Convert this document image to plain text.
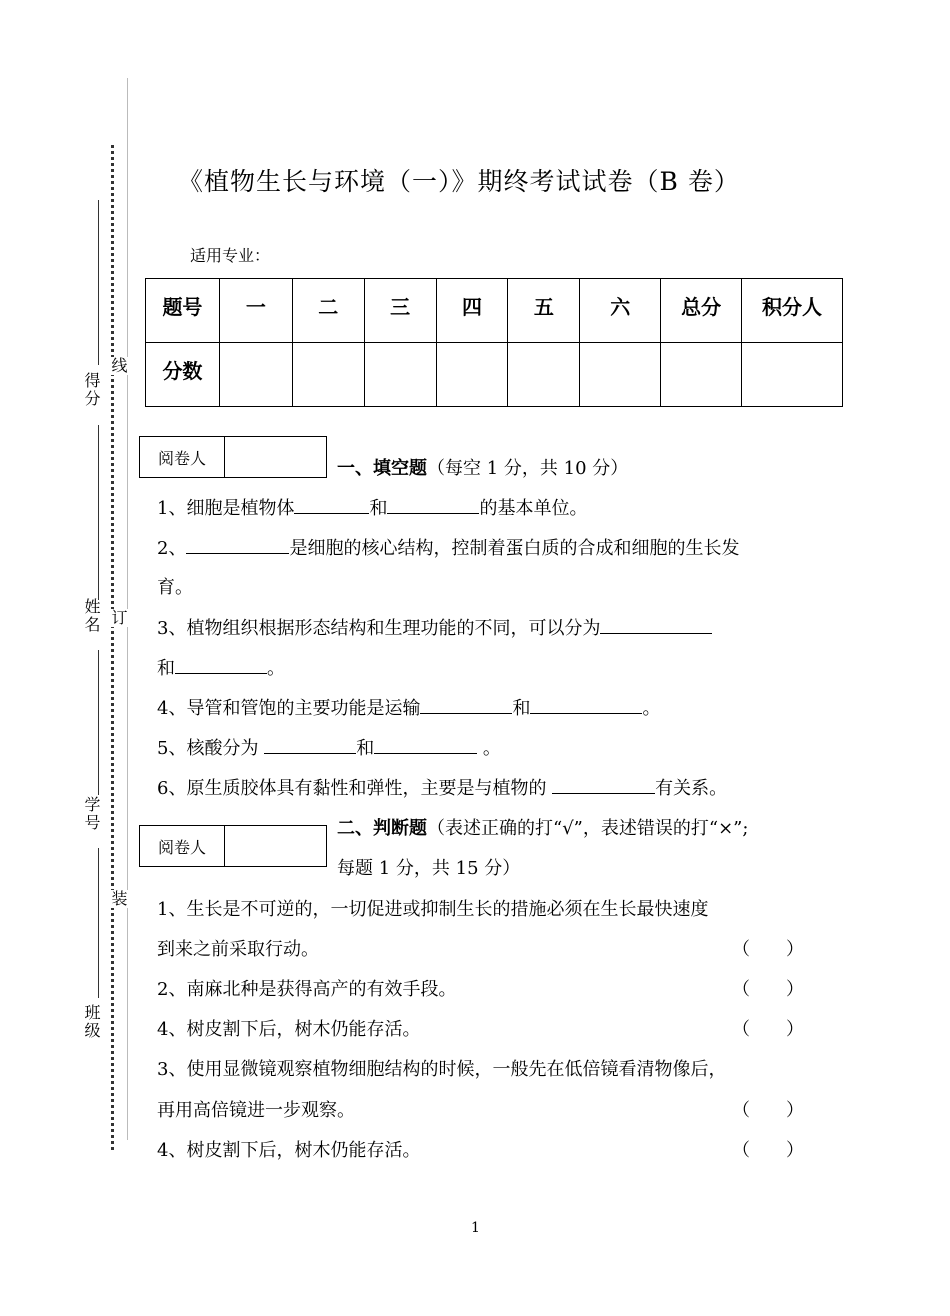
得分
姓名
学号
班级
线
订
装
《植物生长与环境（一）》期终考试试卷（B 卷）
适用专业：
题号	一	二	三	四	五	六	总分	积分人
分数								
阅卷人	一、填空题（每空 1 分，共 10 分）
1、细胞是植物体	和	的基本单位。
2、	是细胞的核心结构，控制着蛋白质的合成和细胞的生长发
育。
3、植物组织根据形态结构和生理功能的不同，可以分为
和	。
4、导管和管饱的主要功能是运输	和	。
5、核酸分为	和	。
6、原生质胶体具有黏性和弹性，主要是与植物的	有关系。
阅卷人
二、判断题（表述正确的打“√”，表述错误的打“×”;
每题 1 分，共 15 分）
1、生长是不可逆的，一切促进或抑制生长的措施必须在生长最快速度
到来之前采取行动。	（　　）
2、南麻北种是获得高产的有效手段。	（　　）
4、树皮割下后，树木仍能存活。	（　　）
3、使用显微镜观察植物细胞结构的时候，一般先在低倍镜看清物像后，
再用高倍镜进一步观察。	（　　）
4、树皮割下后，树木仍能存活。	（　　）
1
